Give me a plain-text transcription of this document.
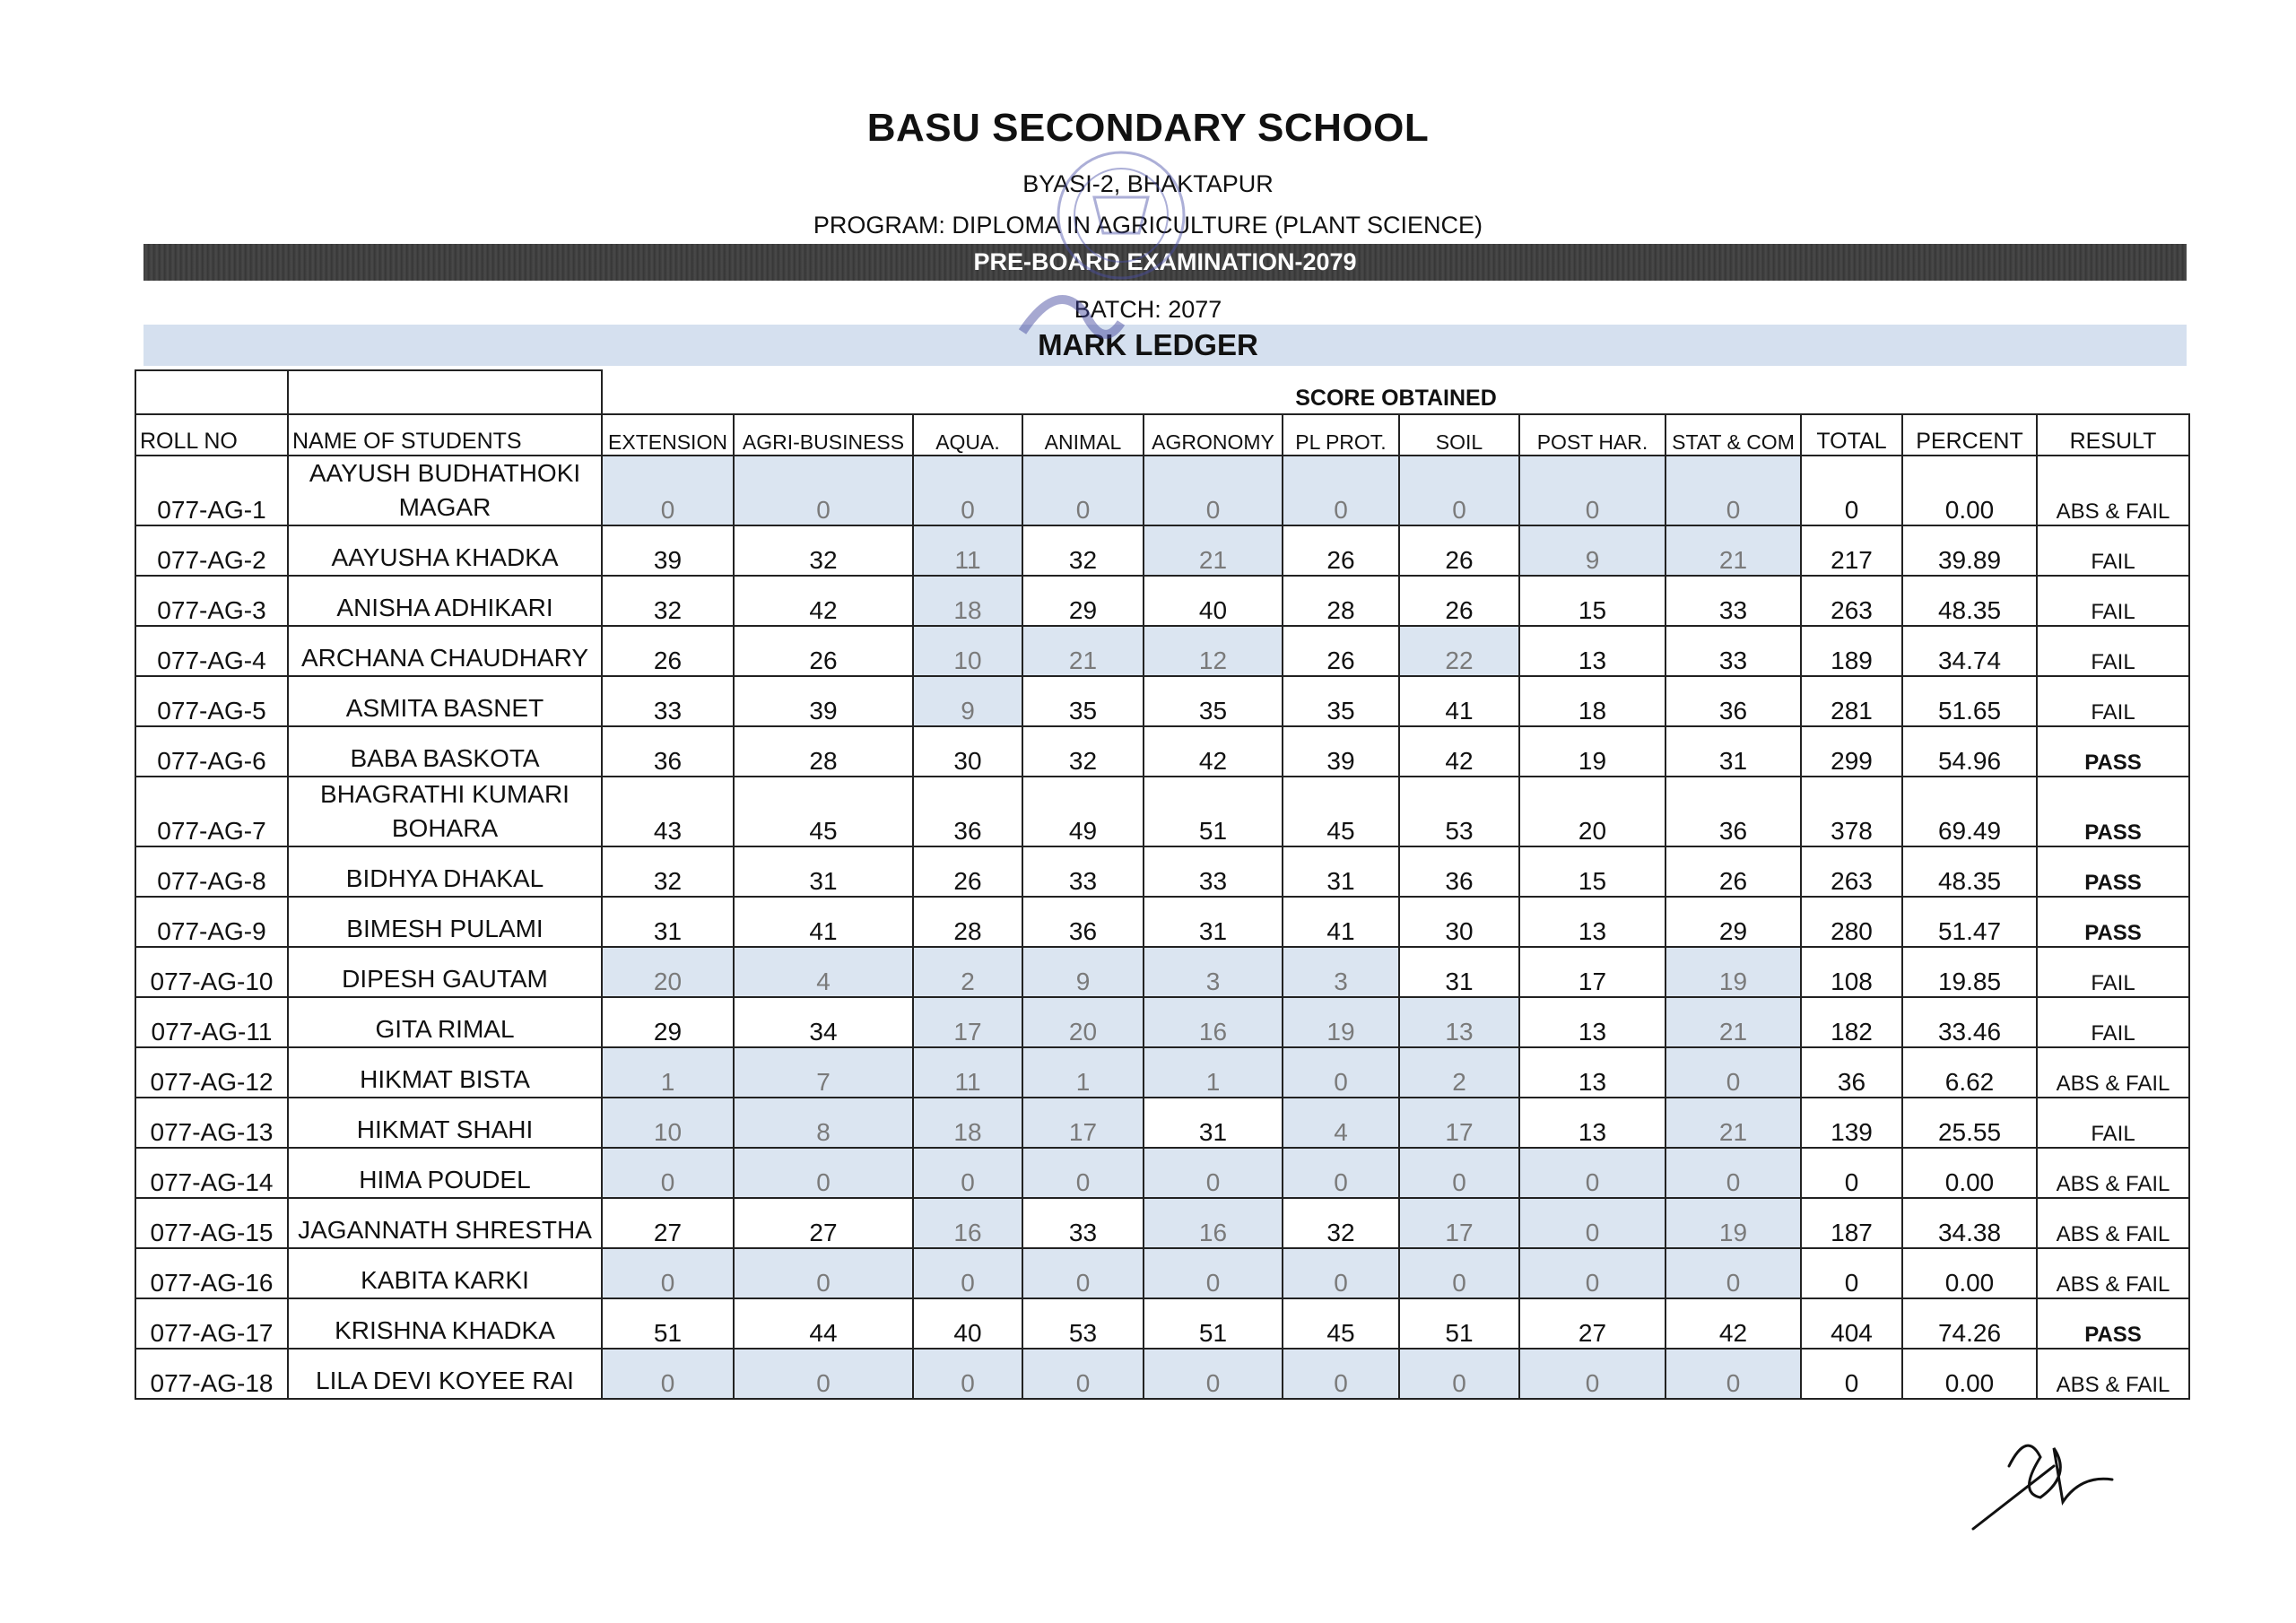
BASU SECONDARY SCHOOL
BYASI-2, BHAKTAPUR
PROGRAM: DIPLOMA IN AGRICULTURE (PLANT SCIENCE)
PRE-BOARD EXAMINATION-2079
BATCH: 2077
MARK LEDGER
		SCORE OBTAINED											
ROLL NO	NAME OF STUDENTS	EXTENSION	AGRI-BUSINESS	AQUA.	ANIMAL	AGRONOMY	PL PROT.	SOIL	POST HAR.	STAT & COM	TOTAL	PERCENT	RESULT
077-AG-1	AAYUSH BUDHATHOKI MAGAR	0	0	0	0	0	0	0	0	0	0	0.00	ABS & FAIL
077-AG-2	AAYUSHA KHADKA	39	32	11	32	21	26	26	9	21	217	39.89	FAIL
077-AG-3	ANISHA ADHIKARI	32	42	18	29	40	28	26	15	33	263	48.35	FAIL
077-AG-4	ARCHANA CHAUDHARY	26	26	10	21	12	26	22	13	33	189	34.74	FAIL
077-AG-5	ASMITA BASNET	33	39	9	35	35	35	41	18	36	281	51.65	FAIL
077-AG-6	BABA BASKOTA	36	28	30	32	42	39	42	19	31	299	54.96	PASS
077-AG-7	BHAGRATHI KUMARI BOHARA	43	45	36	49	51	45	53	20	36	378	69.49	PASS
077-AG-8	BIDHYA DHAKAL	32	31	26	33	33	31	36	15	26	263	48.35	PASS
077-AG-9	BIMESH PULAMI	31	41	28	36	31	41	30	13	29	280	51.47	PASS
077-AG-10	DIPESH GAUTAM	20	4	2	9	3	3	31	17	19	108	19.85	FAIL
077-AG-11	GITA RIMAL	29	34	17	20	16	19	13	13	21	182	33.46	FAIL
077-AG-12	HIKMAT BISTA	1	7	11	1	1	0	2	13	0	36	6.62	ABS & FAIL
077-AG-13	HIKMAT SHAHI	10	8	18	17	31	4	17	13	21	139	25.55	FAIL
077-AG-14	HIMA POUDEL	0	0	0	0	0	0	0	0	0	0	0.00	ABS & FAIL
077-AG-15	JAGANNATH SHRESTHA	27	27	16	33	16	32	17	0	19	187	34.38	ABS & FAIL
077-AG-16	KABITA KARKI	0	0	0	0	0	0	0	0	0	0	0.00	ABS & FAIL
077-AG-17	KRISHNA KHADKA	51	44	40	53	51	45	51	27	42	404	74.26	PASS
077-AG-18	LILA DEVI KOYEE RAI	0	0	0	0	0	0	0	0	0	0	0.00	ABS & FAIL
